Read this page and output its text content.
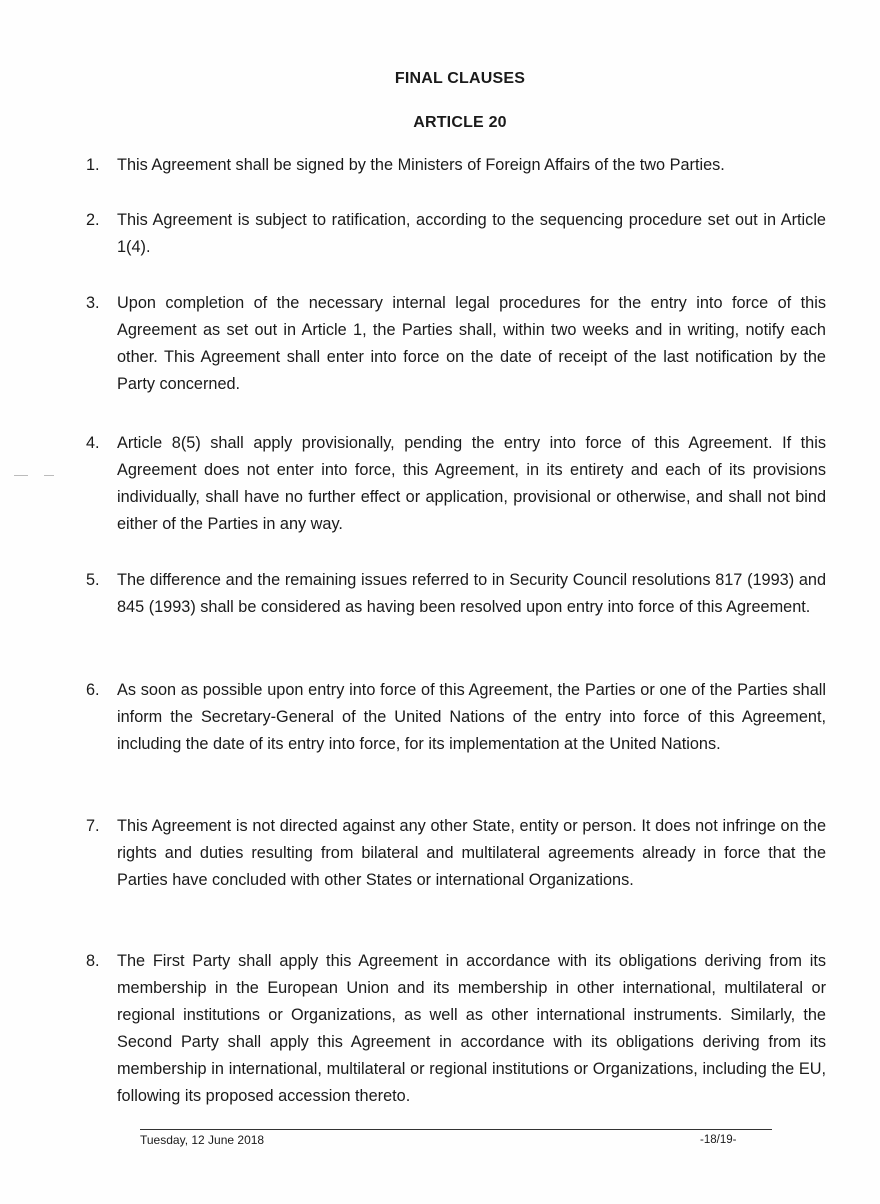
FINAL CLAUSES
ARTICLE 20
1.	This Agreement shall be signed by the Ministers of Foreign Affairs of the two Parties.
2.	This Agreement is subject to ratification, according to the sequencing procedure set out in Article 1(4).
3.	Upon completion of the necessary internal legal procedures for the entry into force of this Agreement as set out in Article 1, the Parties shall, within two weeks and in writing, notify each other. This Agreement shall enter into force on the date of receipt of the last notification by the Party concerned.
4.	Article 8(5) shall apply provisionally, pending the entry into force of this Agreement. If this Agreement does not enter into force, this Agreement, in its entirety and each of its provisions individually, shall have no further effect or application, provisional or otherwise, and shall not bind either of the Parties in any way.
5.	The difference and the remaining issues referred to in Security Council resolutions 817 (1993) and 845 (1993) shall be considered as having been resolved upon entry into force of this Agreement.
6.	As soon as possible upon entry into force of this Agreement, the Parties or one of the Parties shall inform the Secretary-General of the United Nations of the entry into force of this Agreement, including the date of its entry into force, for its implementation at the United Nations.
7.	This Agreement is not directed against any other State, entity or person. It does not infringe on the rights and duties resulting from bilateral and multilateral agreements already in force that the Parties have concluded with other States or international Organizations.
8.	The First Party shall apply this Agreement in accordance with its obligations deriving from its membership in the European Union and its membership in other international, multilateral or regional institutions or Organizations, as well as other international instruments. Similarly, the Second Party shall apply this Agreement in accordance with its obligations deriving from its membership in international, multilateral or regional institutions or Organizations, including the EU, following its proposed accession thereto.
Tuesday, 12 June 2018	-18/19-
